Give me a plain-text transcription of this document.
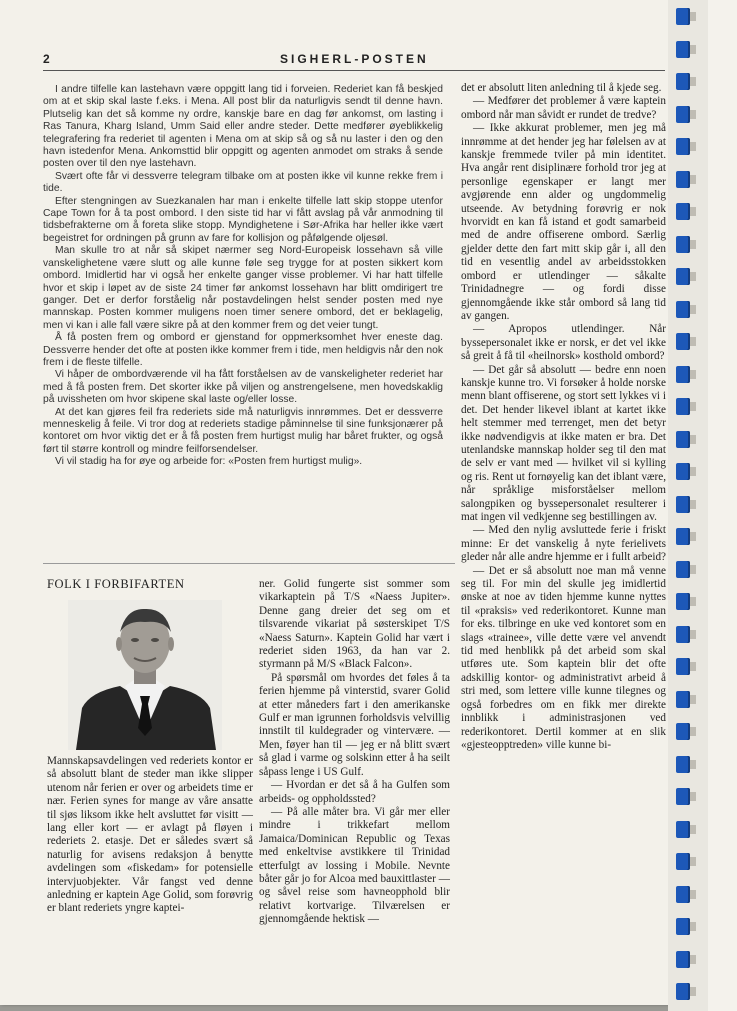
2	SIGHERL-POSTEN

I andre tilfelle kan lastehavn være oppgitt lang tid i forveien. Rederiet kan få beskjed om at et skip skal laste f.eks. i Mena. All post blir da naturligvis sendt til denne havn. Plutselig kan det så komme ny ordre, kanskje bare en dag før ankomst, om lasting i Ras Tanura, Kharg Island, Umm Said eller andre steder. Dette medfører øyeblikkelig telegrafering fra rederiet til agenten i Mena om at skip så og så nu laster i den og den havn istedenfor Mena. Ankomsttid blir oppgitt og agenten anmodet om straks å sende posten over til den nye lastehavn.

Svært ofte får vi dessverre telegram tilbake om at posten ikke vil kunne rekke frem i tide.

Efter stengningen av Suezkanalen har man i enkelte tilfelle latt skip stoppe utenfor Cape Town for å ta post ombord. I den siste tid har vi fått avslag på vår anmodning til tidsbefrakterne om å foreta slike stopp. Myndighetene i Sør-Afrika har heller ikke vært begeistret for ordningen på grunn av fare for kollisjon og påfølgende oljesøl.

Man skulle tro at når så skipet nærmer seg Nord-Europeisk lossehavn så ville vanskelighetene være slutt og alle kunne føle seg trygge for at posten sikkert kom ombord. Imidlertid har vi også her enkelte ganger visse problemer. Vi har hatt tilfelle hvor et skip i løpet av de siste 24 timer før ankomst lossehavn har blitt omdirigert tre ganger. Det er derfor forståelig når postavdelingen helst sender posten med nye mannskap. Posten kommer muligens noen timer senere ombord, det er beklagelig, men vi kan i alle fall være sikre på at den kommer frem og det veier tungt.

Å få posten frem og ombord er gjenstand for oppmerksomhet hver eneste dag. Dessverre hender det ofte at posten ikke kommer frem i tide, men heldigvis når den nok frem i de fleste tilfelle.

Vi håper de ombordværende vil ha fått forståelsen av de vanskeligheter rederiet har med å få posten frem. Det skorter ikke på viljen og anstrengelsene, men hovedskaklig på uvissheten om hvor skipene skal laste og/eller losse.

At det kan gjøres feil fra rederiets side må naturligvis innrømmes. Det er dessverre menneskelig å feile. Vi tror dog at rederiets stadige påminnelse til sine funksjonærer på kontoret om hvor viktig det er å få posten frem hurtigst mulig har båret frukter, og også ført til større kontroll og mindre feilforsendelser.

Vi vil stadig ha for øye og arbeide for: «Posten frem hurtigst mulig».

det er absolutt liten anledning til å kjede seg.

— Medfører det problemer å være kaptein ombord når man såvidt er rundet de tredve?

— Ikke akkurat problemer, men jeg må innrømme at det hender jeg har følelsen av at kanskje fremmede tviler på min identitet. Hva angår rent disiplinære forhold tror jeg at personlige egenskaper er langt mer avgjørende enn alder og ungdommelig utseende. Av betydning forøvrig er nok hvorvidt en kan få istand et godt samarbeid med de andre offiserene ombord. Særlig gjelder dette den fart mitt skip går i, all den tid en vesentlig andel av arbeidsstokken ombord er utlendinger — såkalte Trinidadnegre — og fordi disse gjennomgående ikke står ombord så lang tid av gangen.

— Apropos utlendinger. Når byssepersonalet ikke er norsk, er det vel ikke så greit å få til «heilnorsk» kosthold ombord?

— Det går så absolutt — bedre enn noen kanskje kunne tro. Vi forsøker å holde norske menn blant offiserene, og stort sett lykkes vi i det. Det hender likevel iblant at kartet ikke helt stemmer med terrenget, men det betyr ikke nødvendigvis at ikke maten er bra. Det utenlandske mannskap holder seg til den mat de selv er vant med — hvilket vil si kylling og ris. Rent ut fornøyelig kan det iblant være, når språklige misforståelser mellom salongpiken og byssepersonalet resulterer i mat ingen vil vedkjenne seg bestillingen av.

— Med den nylig avsluttede ferie i friskt minne: Er det vanskelig å nyte ferielivets gleder når alle andre hjemme er i fullt arbeid?

— Det er så absolutt noe man må venne seg til. For min del skulle jeg imidlertid ønske at noe av tiden hjemme kunne nyttes til «praksis» ved rederikontoret. Kunne man for eks. tilbringe en uke ved kontoret som en slags «trainee», ville dette være vel anvendt tid med henblikk på det arbeid som skal utføres ute. Som kaptein blir det ofte adskillig kontor- og administrativt arbeid å stri med, som lettere ville kunne tilegnes og også forbedres om en fikk mer direkte innblikk i administrasjonen ved rederikontoret. Dertil kommer at en slik «gjesteopptreden» ville kunne bi-

FOLK I FORBIFARTEN

Mannskapsavdelingen ved rederiets kontor er så absolutt blant de steder man ikke slipper utenom når ferien er over og arbeidets time er nær. Ferien synes for mange av våre ansatte til sjøs liksom ikke helt avsluttet før visitt — lang eller kort — er avlagt på fløyen i rederiets 2. etasje. Det er således svært så naturlig for avisens redaksjon å benytte avdelingen som «fiskedam» for potensielle intervjuobjekter. Vår fangst ved denne anledning er kaptein Age Golid, som forøvrig er blant rederiets yngre kaptei-

ner. Golid fungerte sist sommer som vikarkaptein på T/S «Naess Jupiter». Denne gang dreier det seg om et tilsvarende vikariat på søsterskipet T/S «Naess Saturn». Kaptein Golid har vært i rederiet siden 1963, da han var 2. styrmann på M/S «Black Falcon».

På spørsmål om hvordes det føles å ta ferien hjemme på vinterstid, svarer Golid at etter måneders fart i den amerikanske Gulf er man igrunnen forholdsvis velvillig innstilt til kuldegrader og vintervære. — Men, føyer han til — jeg er nå blitt svært så glad i varme og solskinn etter å ha seilt såpass lenge i US Gulf.

— Hvordan er det så å ha Gulfen som arbeids- og oppholdssted?

— På alle måter bra. Vi går mer eller mindre i trikkefart mellom Jamaica/Dominican Republic og Texas med enkeltvise avstikkere til Trinidad etterfulgt av lossing i Mobile. Nevnte båter går jo for Alcoa med bauxittlaster — og såvel reise som havneopphold blir relativt kortvarige. Tilværelsen er gjennomgående hektisk —
